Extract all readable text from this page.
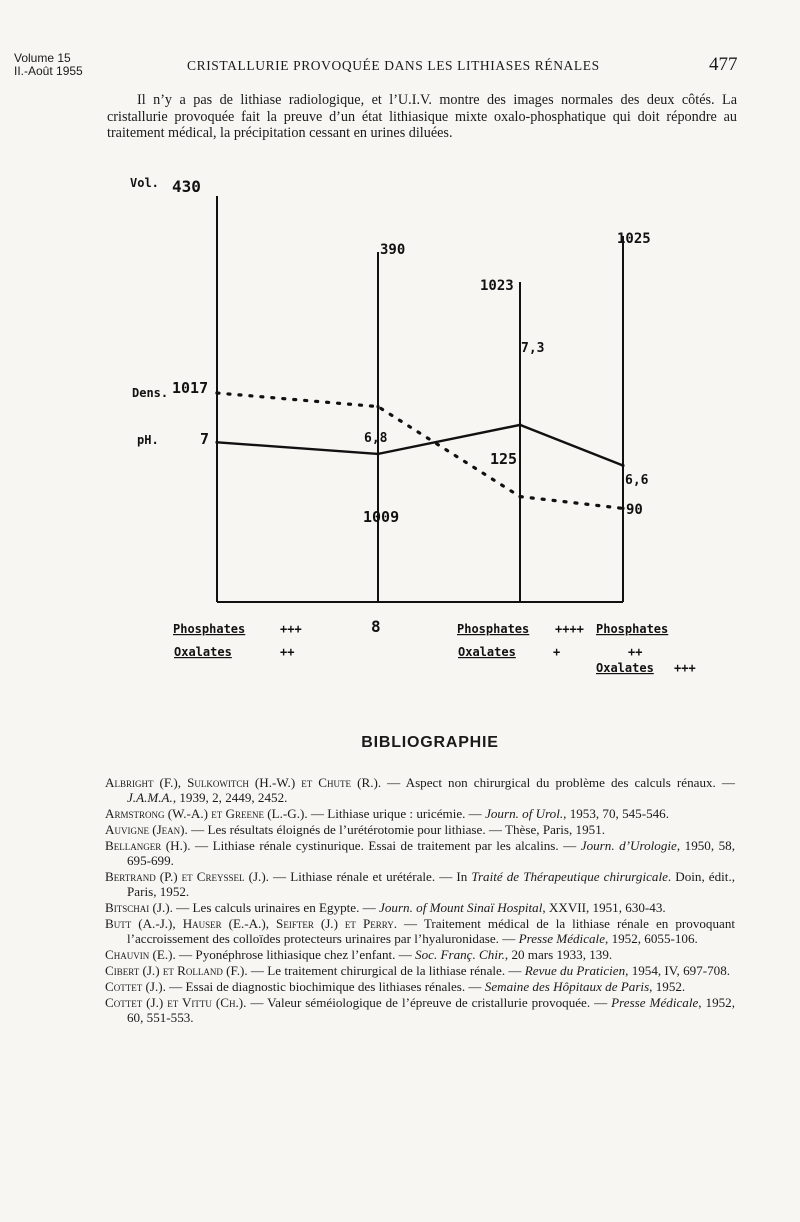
Volume 15
II.-Août 1955	CRISTALLURIE PROVOQUÉE DANS LES LITHIASES RÉNALES	477

Il n’y a pas de lithiase radiologique, et l’U.I.V. montre des images normales des deux côtés. La cristallurie provoquée fait la preuve d’un état lithiasique mixte oxalo-phosphatique qui doit répondre au traitement médical, la précipitation cessant en urines diluées.

Vol.
Dens.
pH.
430
390
125
90
1017
1009
1023
1025
7	6,8
7,3
6,6
8
Phosphates	+++
Oxalates	++
Phosphates ++++
Oxalates	+
Phosphates
++
Oxalates +++
BIBLIOGRAPHIE

Albright (F.), Sulkowitch (H.-W.) et Chute (R.). — Aspect non chirurgical du problème des calculs rénaux. — J.A.M.A., 1939, 2, 2449, 2452.

Armstrong (W.-A.) et Greene (L.-G.). — Lithiase urique : uricémie. — Journ. of Urol., 1953, 70, 545-546.

Auvigne (Jean). — Les résultats éloignés de l’urétérotomie pour lithiase. — Thèse, Paris, 1951.

Bellanger (H.). — Lithiase rénale cystinurique. Essai de traitement par les alcalins. — Journ. d’Urologie, 1950, 58, 695-699.

Bertrand (P.) et Creyssel (J.). — Lithiase rénale et urétérale. — In Traité de Thérapeutique chirurgicale. Doin, édit., Paris, 1952.

Bitschai (J.). — Les calculs urinaires en Egypte. — Journ. of Mount Sinaï Hospital, XXVII, 1951, 630-43.

Butt (A.-J.), Hauser (E.-A.), Seifter (J.) et Perry. — Traitement médical de la lithiase rénale en provoquant l’accroissement des colloïdes protecteurs urinaires par l’hyaluronidase. — Presse Médicale, 1952, 6055-106.

Chauvin (E.). — Pyonéphrose lithiasique chez l’enfant. — Soc. Franç. Chir., 20 mars 1933, 139.

Cibert (J.) et Rolland (F.). — Le traitement chirurgical de la lithiase rénale. — Revue du Praticien, 1954, IV, 697-708.

Cottet (J.). — Essai de diagnostic biochimique des lithiases rénales. — Semaine des Hôpitaux de Paris, 1952.

Cottet (J.) et Vittu (Ch.). — Valeur séméiologique de l’épreuve de cristallurie provoquée. — Presse Médicale, 1952, 60, 551-553.
